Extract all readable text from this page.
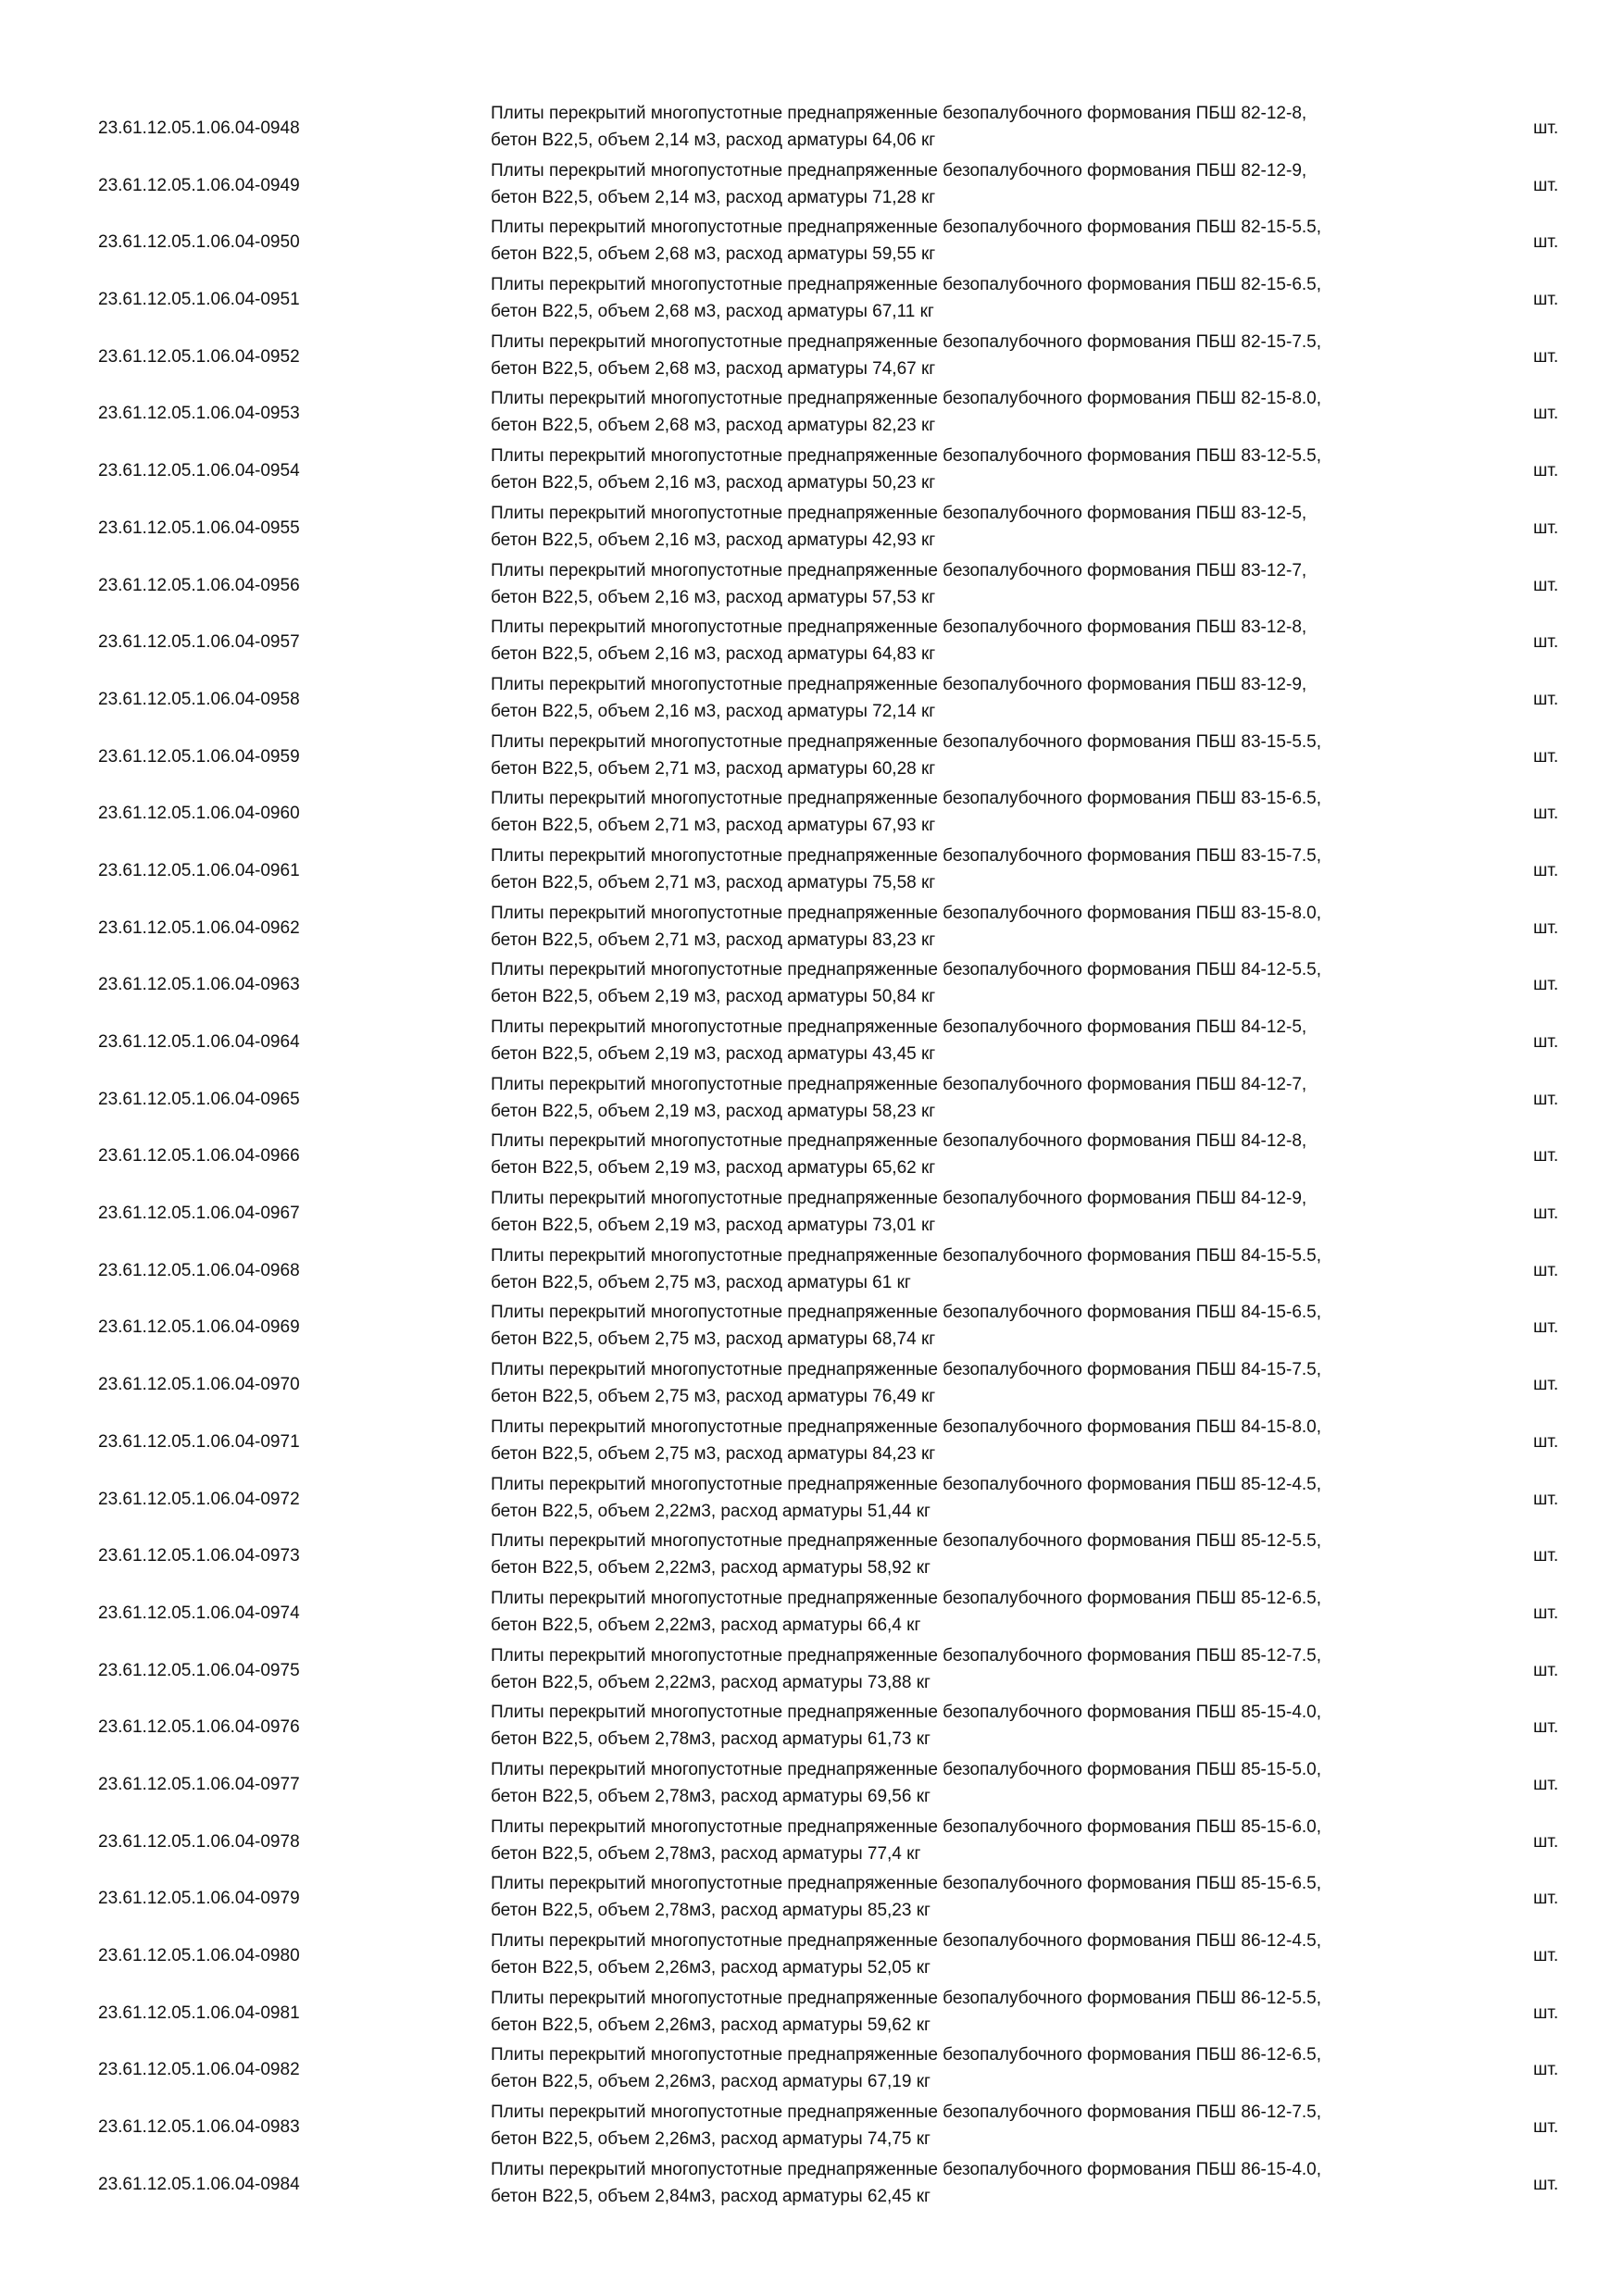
23.61.12.05.1.06.04-0948
Плиты перекрытий многопустотные преднапряженные безопалубочного формования ПБШ 82-12-8,
бетон В22,5, объем 2,14 м3, расход арматуры 64,06 кг
шт.
23.61.12.05.1.06.04-0949
Плиты перекрытий многопустотные преднапряженные безопалубочного формования ПБШ 82-12-9,
бетон В22,5, объем 2,14 м3, расход арматуры 71,28 кг
шт.
23.61.12.05.1.06.04-0950
Плиты перекрытий многопустотные преднапряженные безопалубочного формования ПБШ 82-15-5.5,
бетон В22,5, объем 2,68 м3, расход арматуры 59,55 кг
шт.
23.61.12.05.1.06.04-0951
Плиты перекрытий многопустотные преднапряженные безопалубочного формования ПБШ 82-15-6.5,
бетон В22,5, объем 2,68 м3, расход арматуры 67,11 кг
шт.
23.61.12.05.1.06.04-0952
Плиты перекрытий многопустотные преднапряженные безопалубочного формования ПБШ 82-15-7.5,
бетон В22,5, объем 2,68 м3, расход арматуры 74,67 кг
шт.
23.61.12.05.1.06.04-0953
Плиты перекрытий многопустотные преднапряженные безопалубочного формования ПБШ 82-15-8.0,
бетон В22,5, объем 2,68 м3, расход арматуры 82,23 кг
шт.
23.61.12.05.1.06.04-0954
Плиты перекрытий многопустотные преднапряженные безопалубочного формования ПБШ 83-12-5.5,
бетон В22,5, объем 2,16 м3, расход арматуры 50,23 кг
шт.
23.61.12.05.1.06.04-0955
Плиты перекрытий многопустотные преднапряженные безопалубочного формования ПБШ 83-12-5,
бетон В22,5, объем 2,16 м3, расход арматуры 42,93 кг
шт.
23.61.12.05.1.06.04-0956
Плиты перекрытий многопустотные преднапряженные безопалубочного формования ПБШ 83-12-7,
бетон В22,5, объем 2,16 м3, расход арматуры 57,53 кг
шт.
23.61.12.05.1.06.04-0957
Плиты перекрытий многопустотные преднапряженные безопалубочного формования ПБШ 83-12-8,
бетон В22,5, объем 2,16 м3, расход арматуры 64,83 кг
шт.
23.61.12.05.1.06.04-0958
Плиты перекрытий многопустотные преднапряженные безопалубочного формования ПБШ 83-12-9,
бетон В22,5, объем 2,16 м3, расход арматуры 72,14 кг
шт.
23.61.12.05.1.06.04-0959
Плиты перекрытий многопустотные преднапряженные безопалубочного формования ПБШ 83-15-5.5,
бетон В22,5, объем 2,71 м3, расход арматуры 60,28 кг
шт.
23.61.12.05.1.06.04-0960
Плиты перекрытий многопустотные преднапряженные безопалубочного формования ПБШ 83-15-6.5,
бетон В22,5, объем 2,71 м3, расход арматуры 67,93 кг
шт.
23.61.12.05.1.06.04-0961
Плиты перекрытий многопустотные преднапряженные безопалубочного формования ПБШ 83-15-7.5,
бетон В22,5, объем 2,71 м3, расход арматуры 75,58 кг
шт.
23.61.12.05.1.06.04-0962
Плиты перекрытий многопустотные преднапряженные безопалубочного формования ПБШ 83-15-8.0,
бетон В22,5, объем 2,71 м3, расход арматуры 83,23 кг
шт.
23.61.12.05.1.06.04-0963
Плиты перекрытий многопустотные преднапряженные безопалубочного формования ПБШ 84-12-5.5,
бетон В22,5, объем 2,19 м3, расход арматуры 50,84 кг
шт.
23.61.12.05.1.06.04-0964
Плиты перекрытий многопустотные преднапряженные безопалубочного формования ПБШ 84-12-5,
бетон В22,5, объем 2,19 м3, расход арматуры 43,45 кг
шт.
23.61.12.05.1.06.04-0965
Плиты перекрытий многопустотные преднапряженные безопалубочного формования ПБШ 84-12-7,
бетон В22,5, объем 2,19 м3, расход арматуры 58,23 кг
шт.
23.61.12.05.1.06.04-0966
Плиты перекрытий многопустотные преднапряженные безопалубочного формования ПБШ 84-12-8,
бетон В22,5, объем 2,19 м3, расход арматуры 65,62 кг
шт.
23.61.12.05.1.06.04-0967
Плиты перекрытий многопустотные преднапряженные безопалубочного формования ПБШ 84-12-9,
бетон В22,5, объем 2,19 м3, расход арматуры 73,01 кг
шт.
23.61.12.05.1.06.04-0968
Плиты перекрытий многопустотные преднапряженные безопалубочного формования ПБШ 84-15-5.5,
бетон В22,5, объем 2,75 м3, расход арматуры 61 кг
шт.
23.61.12.05.1.06.04-0969
Плиты перекрытий многопустотные преднапряженные безопалубочного формования ПБШ 84-15-6.5,
бетон В22,5, объем 2,75 м3, расход арматуры 68,74 кг
шт.
23.61.12.05.1.06.04-0970
Плиты перекрытий многопустотные преднапряженные безопалубочного формования ПБШ 84-15-7.5,
бетон В22,5, объем 2,75 м3, расход арматуры 76,49 кг
шт.
23.61.12.05.1.06.04-0971
Плиты перекрытий многопустотные преднапряженные безопалубочного формования ПБШ 84-15-8.0,
бетон В22,5, объем 2,75 м3, расход арматуры 84,23 кг
шт.
23.61.12.05.1.06.04-0972
Плиты перекрытий многопустотные преднапряженные безопалубочного формования ПБШ 85-12-4.5,
бетон В22,5, объем 2,22м3, расход арматуры 51,44 кг
шт.
23.61.12.05.1.06.04-0973
Плиты перекрытий многопустотные преднапряженные безопалубочного формования ПБШ 85-12-5.5,
бетон В22,5, объем 2,22м3, расход арматуры 58,92 кг
шт.
23.61.12.05.1.06.04-0974
Плиты перекрытий многопустотные преднапряженные безопалубочного формования ПБШ 85-12-6.5,
бетон В22,5, объем 2,22м3, расход арматуры 66,4 кг
шт.
23.61.12.05.1.06.04-0975
Плиты перекрытий многопустотные преднапряженные безопалубочного формования ПБШ 85-12-7.5,
бетон В22,5, объем 2,22м3, расход арматуры 73,88 кг
шт.
23.61.12.05.1.06.04-0976
Плиты перекрытий многопустотные преднапряженные безопалубочного формования ПБШ 85-15-4.0,
бетон В22,5, объем 2,78м3, расход арматуры 61,73 кг
шт.
23.61.12.05.1.06.04-0977
Плиты перекрытий многопустотные преднапряженные безопалубочного формования ПБШ 85-15-5.0,
бетон В22,5, объем 2,78м3, расход арматуры 69,56 кг
шт.
23.61.12.05.1.06.04-0978
Плиты перекрытий многопустотные преднапряженные безопалубочного формования ПБШ 85-15-6.0,
бетон В22,5, объем 2,78м3, расход арматуры 77,4 кг
шт.
23.61.12.05.1.06.04-0979
Плиты перекрытий многопустотные преднапряженные безопалубочного формования ПБШ 85-15-6.5,
бетон В22,5, объем 2,78м3, расход арматуры 85,23 кг
шт.
23.61.12.05.1.06.04-0980
Плиты перекрытий многопустотные преднапряженные безопалубочного формования ПБШ 86-12-4.5,
бетон В22,5, объем 2,26м3, расход арматуры 52,05 кг
шт.
23.61.12.05.1.06.04-0981
Плиты перекрытий многопустотные преднапряженные безопалубочного формования ПБШ 86-12-5.5,
бетон В22,5, объем 2,26м3, расход арматуры 59,62 кг
шт.
23.61.12.05.1.06.04-0982
Плиты перекрытий многопустотные преднапряженные безопалубочного формования ПБШ 86-12-6.5,
бетон В22,5, объем 2,26м3, расход арматуры 67,19 кг
шт.
23.61.12.05.1.06.04-0983
Плиты перекрытий многопустотные преднапряженные безопалубочного формования ПБШ 86-12-7.5,
бетон В22,5, объем 2,26м3, расход арматуры 74,75 кг
шт.
23.61.12.05.1.06.04-0984
Плиты перекрытий многопустотные преднапряженные безопалубочного формования ПБШ 86-15-4.0,
бетон В22,5, объем 2,84м3, расход арматуры 62,45 кг
шт.
